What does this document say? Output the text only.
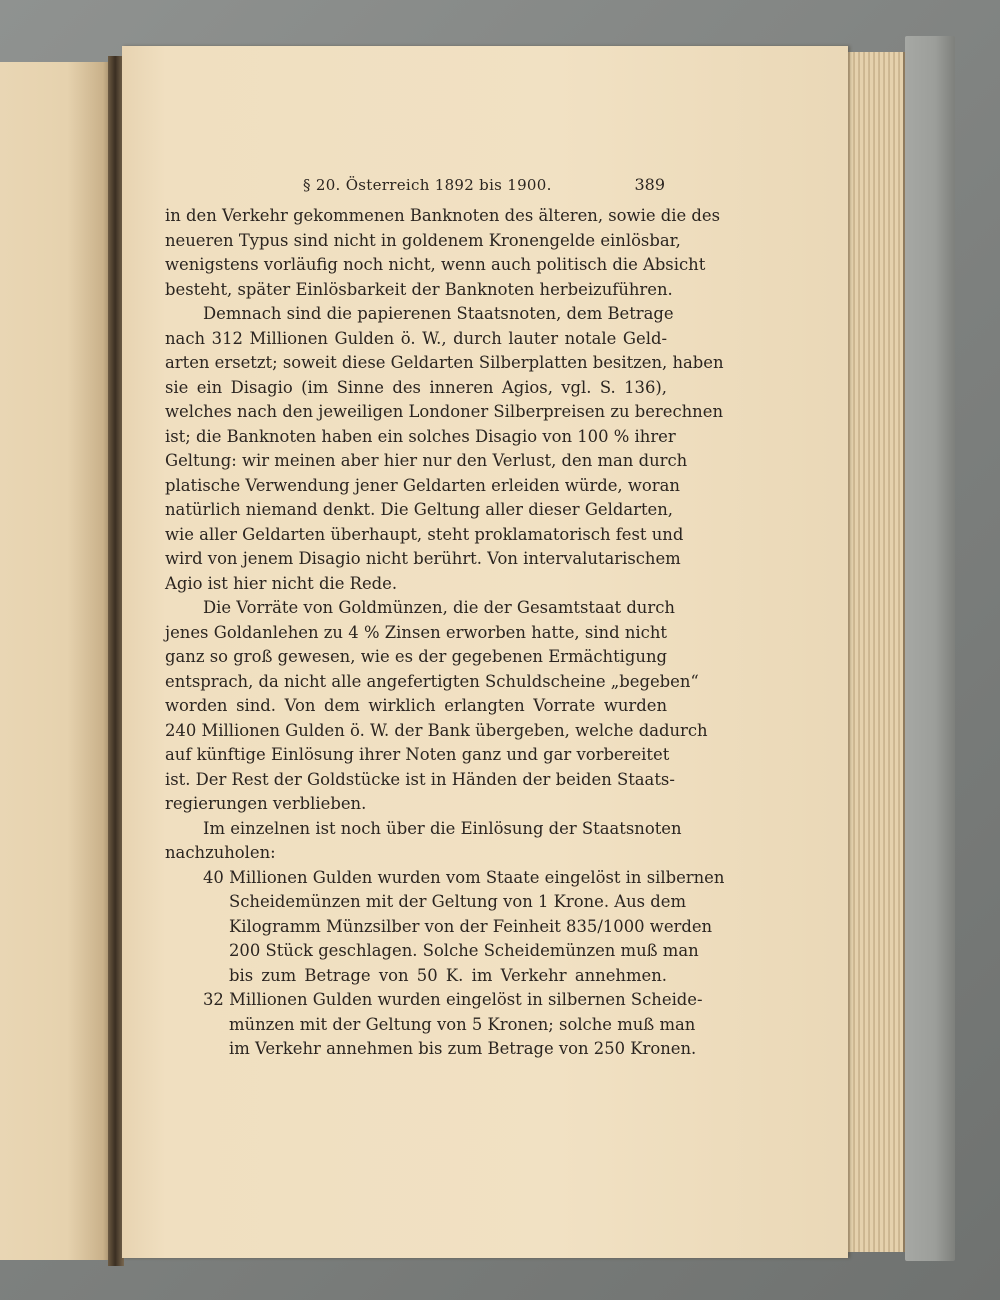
§ 20. Österreich 1892 bis 1900.	389
in den Verkehr gekommenen Banknoten des älteren, sowie die des
neueren Typus sind nicht in goldenem Kronengelde einlösbar,
wenigstens vorläufig noch nicht, wenn auch politisch die Absicht
besteht, später Einlösbarkeit der Banknoten herbeizuführen.
Demnach sind die papierenen Staatsnoten, dem Betrage
nach 312 Millionen Gulden ö. W., durch lauter notale Geld-
arten ersetzt; soweit diese Geldarten Silberplatten besitzen, haben
sie ein Disagio (im Sinne des inneren Agios, vgl. S. 136),
welches nach den jeweiligen Londoner Silberpreisen zu berechnen
ist; die Banknoten haben ein solches Disagio von 100 % ihrer
Geltung: wir meinen aber hier nur den Verlust, den man durch
platische Verwendung jener Geldarten erleiden würde, woran
natürlich niemand denkt. Die Geltung aller dieser Geldarten,
wie aller Geldarten überhaupt, steht proklamatorisch fest und
wird von jenem Disagio nicht berührt. Von intervalutarischem
Agio ist hier nicht die Rede.
Die Vorräte von Goldmünzen, die der Gesamtstaat durch
jenes Goldanlehen zu 4 % Zinsen erworben hatte, sind nicht
ganz so groß gewesen, wie es der gegebenen Ermächtigung
entsprach, da nicht alle angefertigten Schuldscheine „begeben“
worden sind. Von dem wirklich erlangten Vorrate wurden
240 Millionen Gulden ö. W. der Bank übergeben, welche dadurch
auf künftige Einlösung ihrer Noten ganz und gar vorbereitet
ist. Der Rest der Goldstücke ist in Händen der beiden Staats-
regierungen verblieben.
Im einzelnen ist noch über die Einlösung der Staatsnoten
nachzuholen:
40 Millionen Gulden wurden vom Staate eingelöst in silbernen
Scheidemünzen mit der Geltung von 1 Krone. Aus dem
Kilogramm Münzsilber von der Feinheit 835/1000 werden
200 Stück geschlagen. Solche Scheidemünzen muß man
bis zum Betrage von 50 K. im Verkehr annehmen.
32 Millionen Gulden wurden eingelöst in silbernen Scheide-
münzen mit der Geltung von 5 Kronen; solche muß man
im Verkehr annehmen bis zum Betrage von 250 Kronen.
